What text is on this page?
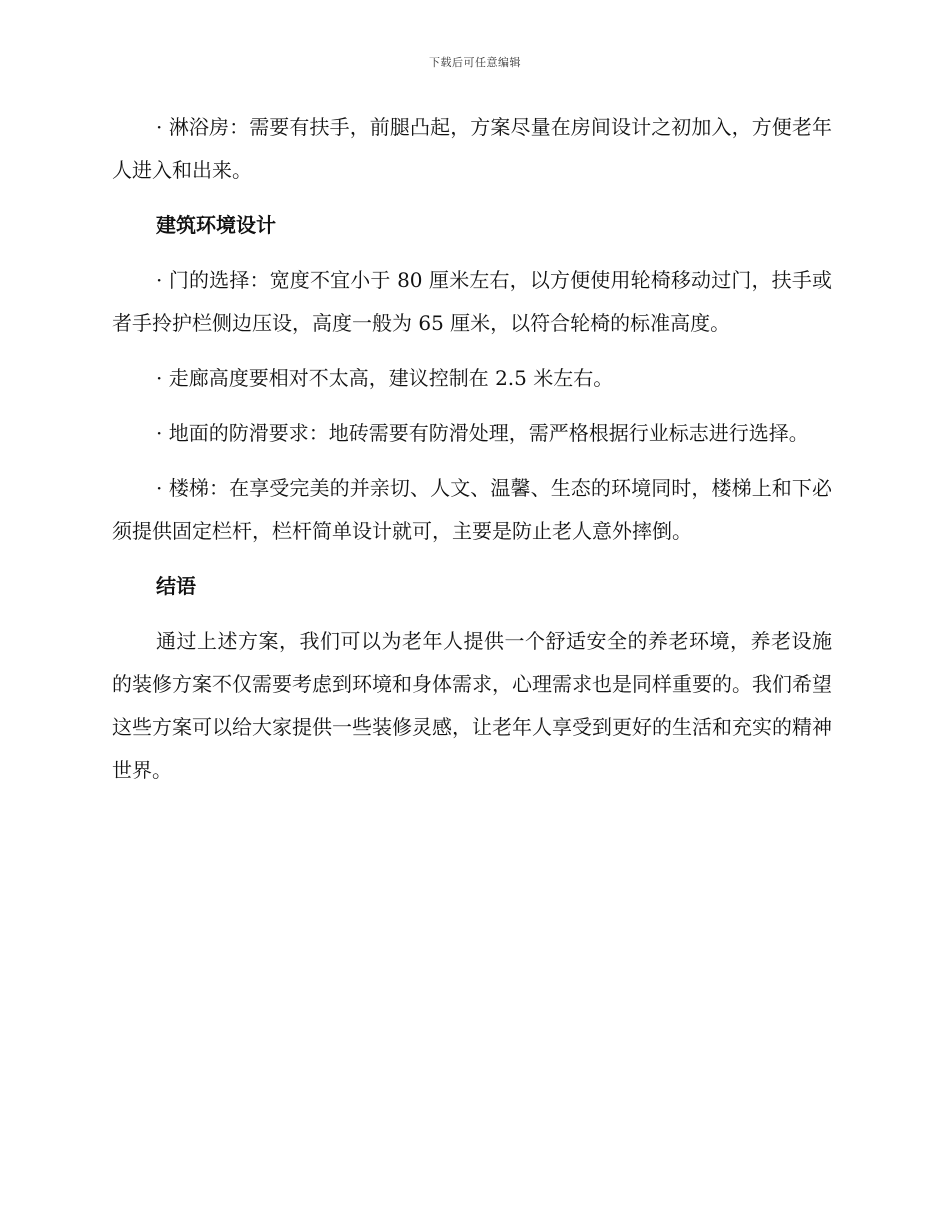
下载后可任意编辑

· 淋浴房：需要有扶手，前腿凸起，方案尽量在房间设计之初加入，方便老年人进入和出来。

建筑环境设计

· 门的选择：宽度不宜小于 80 厘米左右，以方便使用轮椅移动过门，扶手或者手拎护栏侧边压设，高度一般为 65 厘米，以符合轮椅的标准高度。

· 走廊高度要相对不太高，建议控制在 2.5 米左右。

· 地面的防滑要求：地砖需要有防滑处理，需严格根据行业标志进行选择。

· 楼梯：在享受完美的并亲切、人文、温馨、生态的环境同时，楼梯上和下必须提供固定栏杆，栏杆简单设计就可，主要是防止老人意外摔倒。

结语

通过上述方案，我们可以为老年人提供一个舒适安全的养老环境，养老设施的装修方案不仅需要考虑到环境和身体需求，心理需求也是同样重要的。我们希望这些方案可以给大家提供一些装修灵感，让老年人享受到更好的生活和充实的精神世界。
